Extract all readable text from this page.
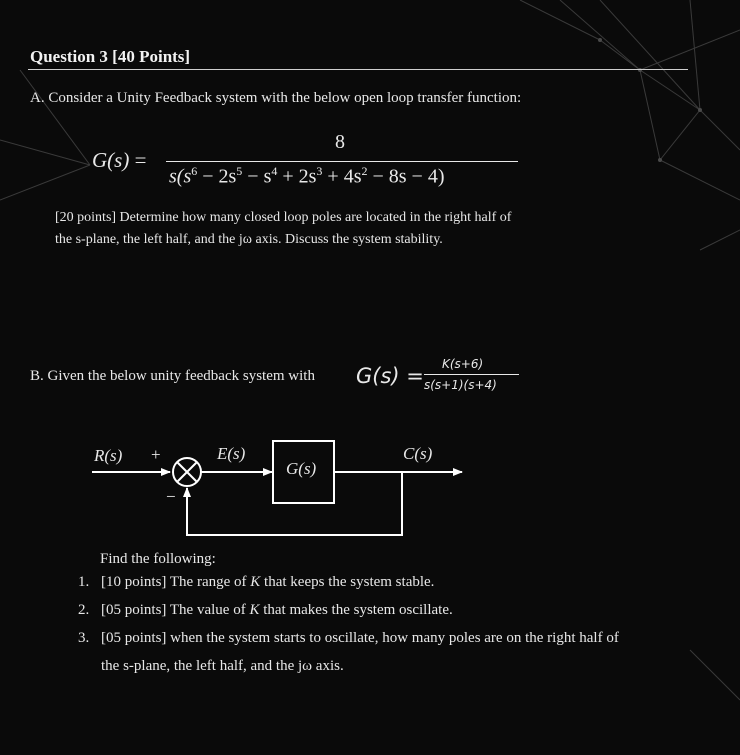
Question 3 [40 Points]
A. Consider a Unity Feedback system with the below open loop transfer function:
G(s) =
8
$s(s^6 - 2s^5 - s^4 + 2s^3 + 4s^2 - 8s - 4)$
[20 points] Determine how many closed loop poles are located in the right half of
the s-plane, the left half, and the jω axis. Discuss the system stability.
B. Given the below unity feedback system with G(s) = K(s+6)
s(s+1)(s+4)
R(s) +	E(s)
G(s)
C(s)
−
Find the following:
1. [10 points] The range of K that keeps the system stable.
2. [05 points] The value of K that makes the system oscillate.
3. [05 points] when the system starts to oscillate, how many poles are on the right half of
the s-plane, the left half, and the jω axis.
